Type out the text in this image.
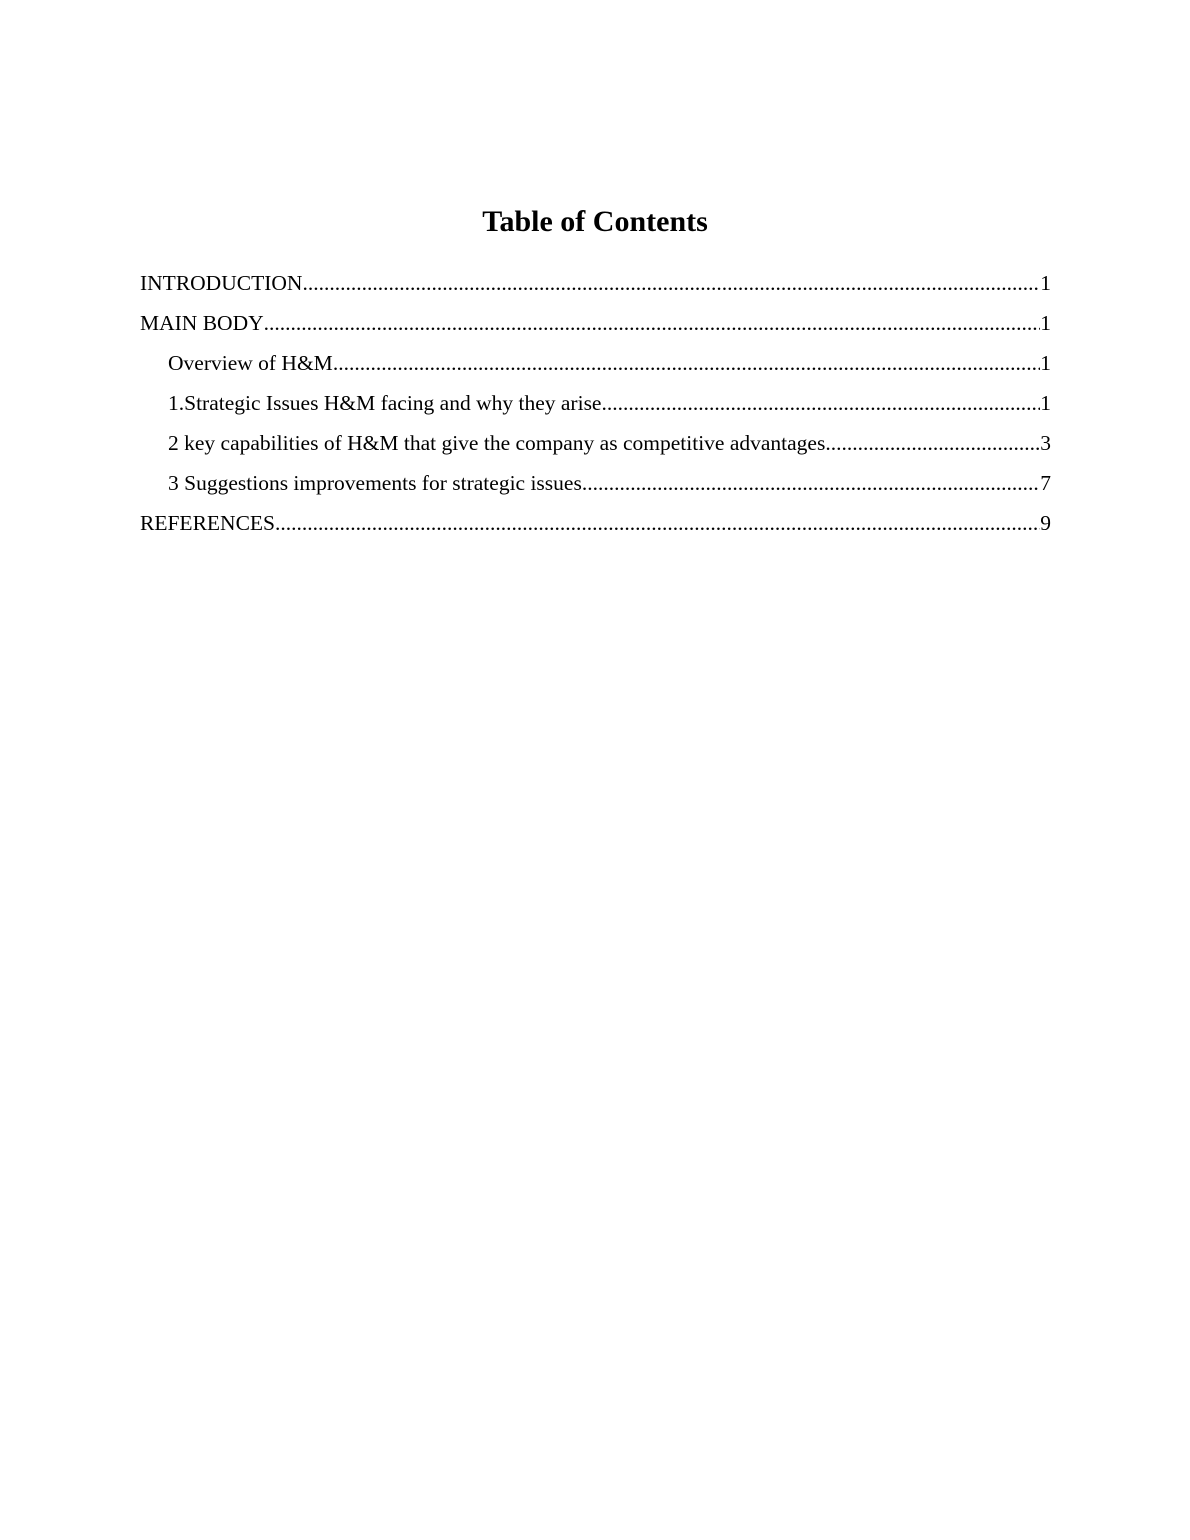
Table of Contents
INTRODUCTION .....	1
MAIN BODY .....	1
Overview of H&M .....	1
1.Strategic Issues H&M facing and why they arise .....	1
2 key capabilities of H&M that give the company as competitive advantages .....	3
3 Suggestions improvements for strategic issues .....	7
REFERENCES .....	9
